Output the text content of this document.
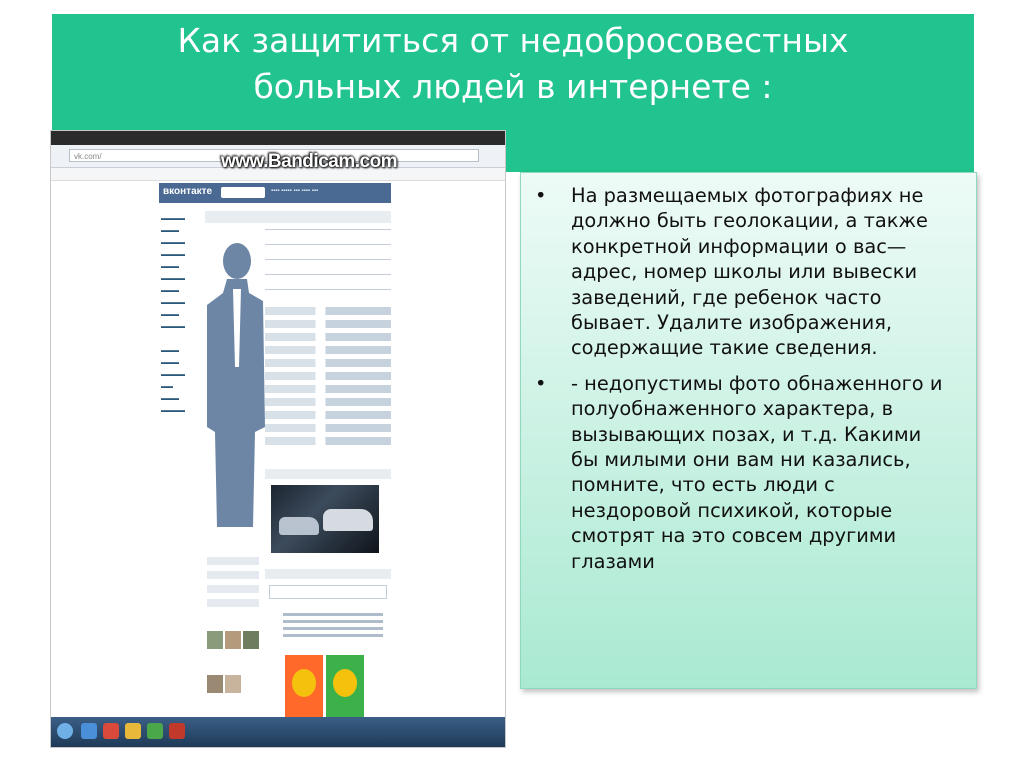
Как защититься от недобросовестных
больных людей в интернете :
vk.com/	www.Bandicam.com
вконтакте	▪▪▪▪ ▪▪▪▪▪ ▪▪▪ ▪▪▪▪ ▪▪▪
▬▬▬▬
▬▬▬
▬▬▬▬
▬▬▬▬
▬▬▬
▬▬▬▬
▬▬▬
▬▬▬▬
▬▬▬
▬▬▬▬

▬▬▬
▬▬▬
▬▬▬▬
▬▬
▬▬▬
▬▬▬▬
• На размещаемых фотографиях не должно быть геолокации, а также конкретной информации о вас— адрес, номер школы или вывески заведений, где ребенок часто бывает. Удалите изображения, содержащие такие сведения.
• - недопустимы фото обнаженного и полуобнаженного характера, в вызывающих позах, и т.д. Какими бы милыми они вам ни казались, помните, что есть люди с нездоровой психикой, которые смотрят на это совсем другими глазами
